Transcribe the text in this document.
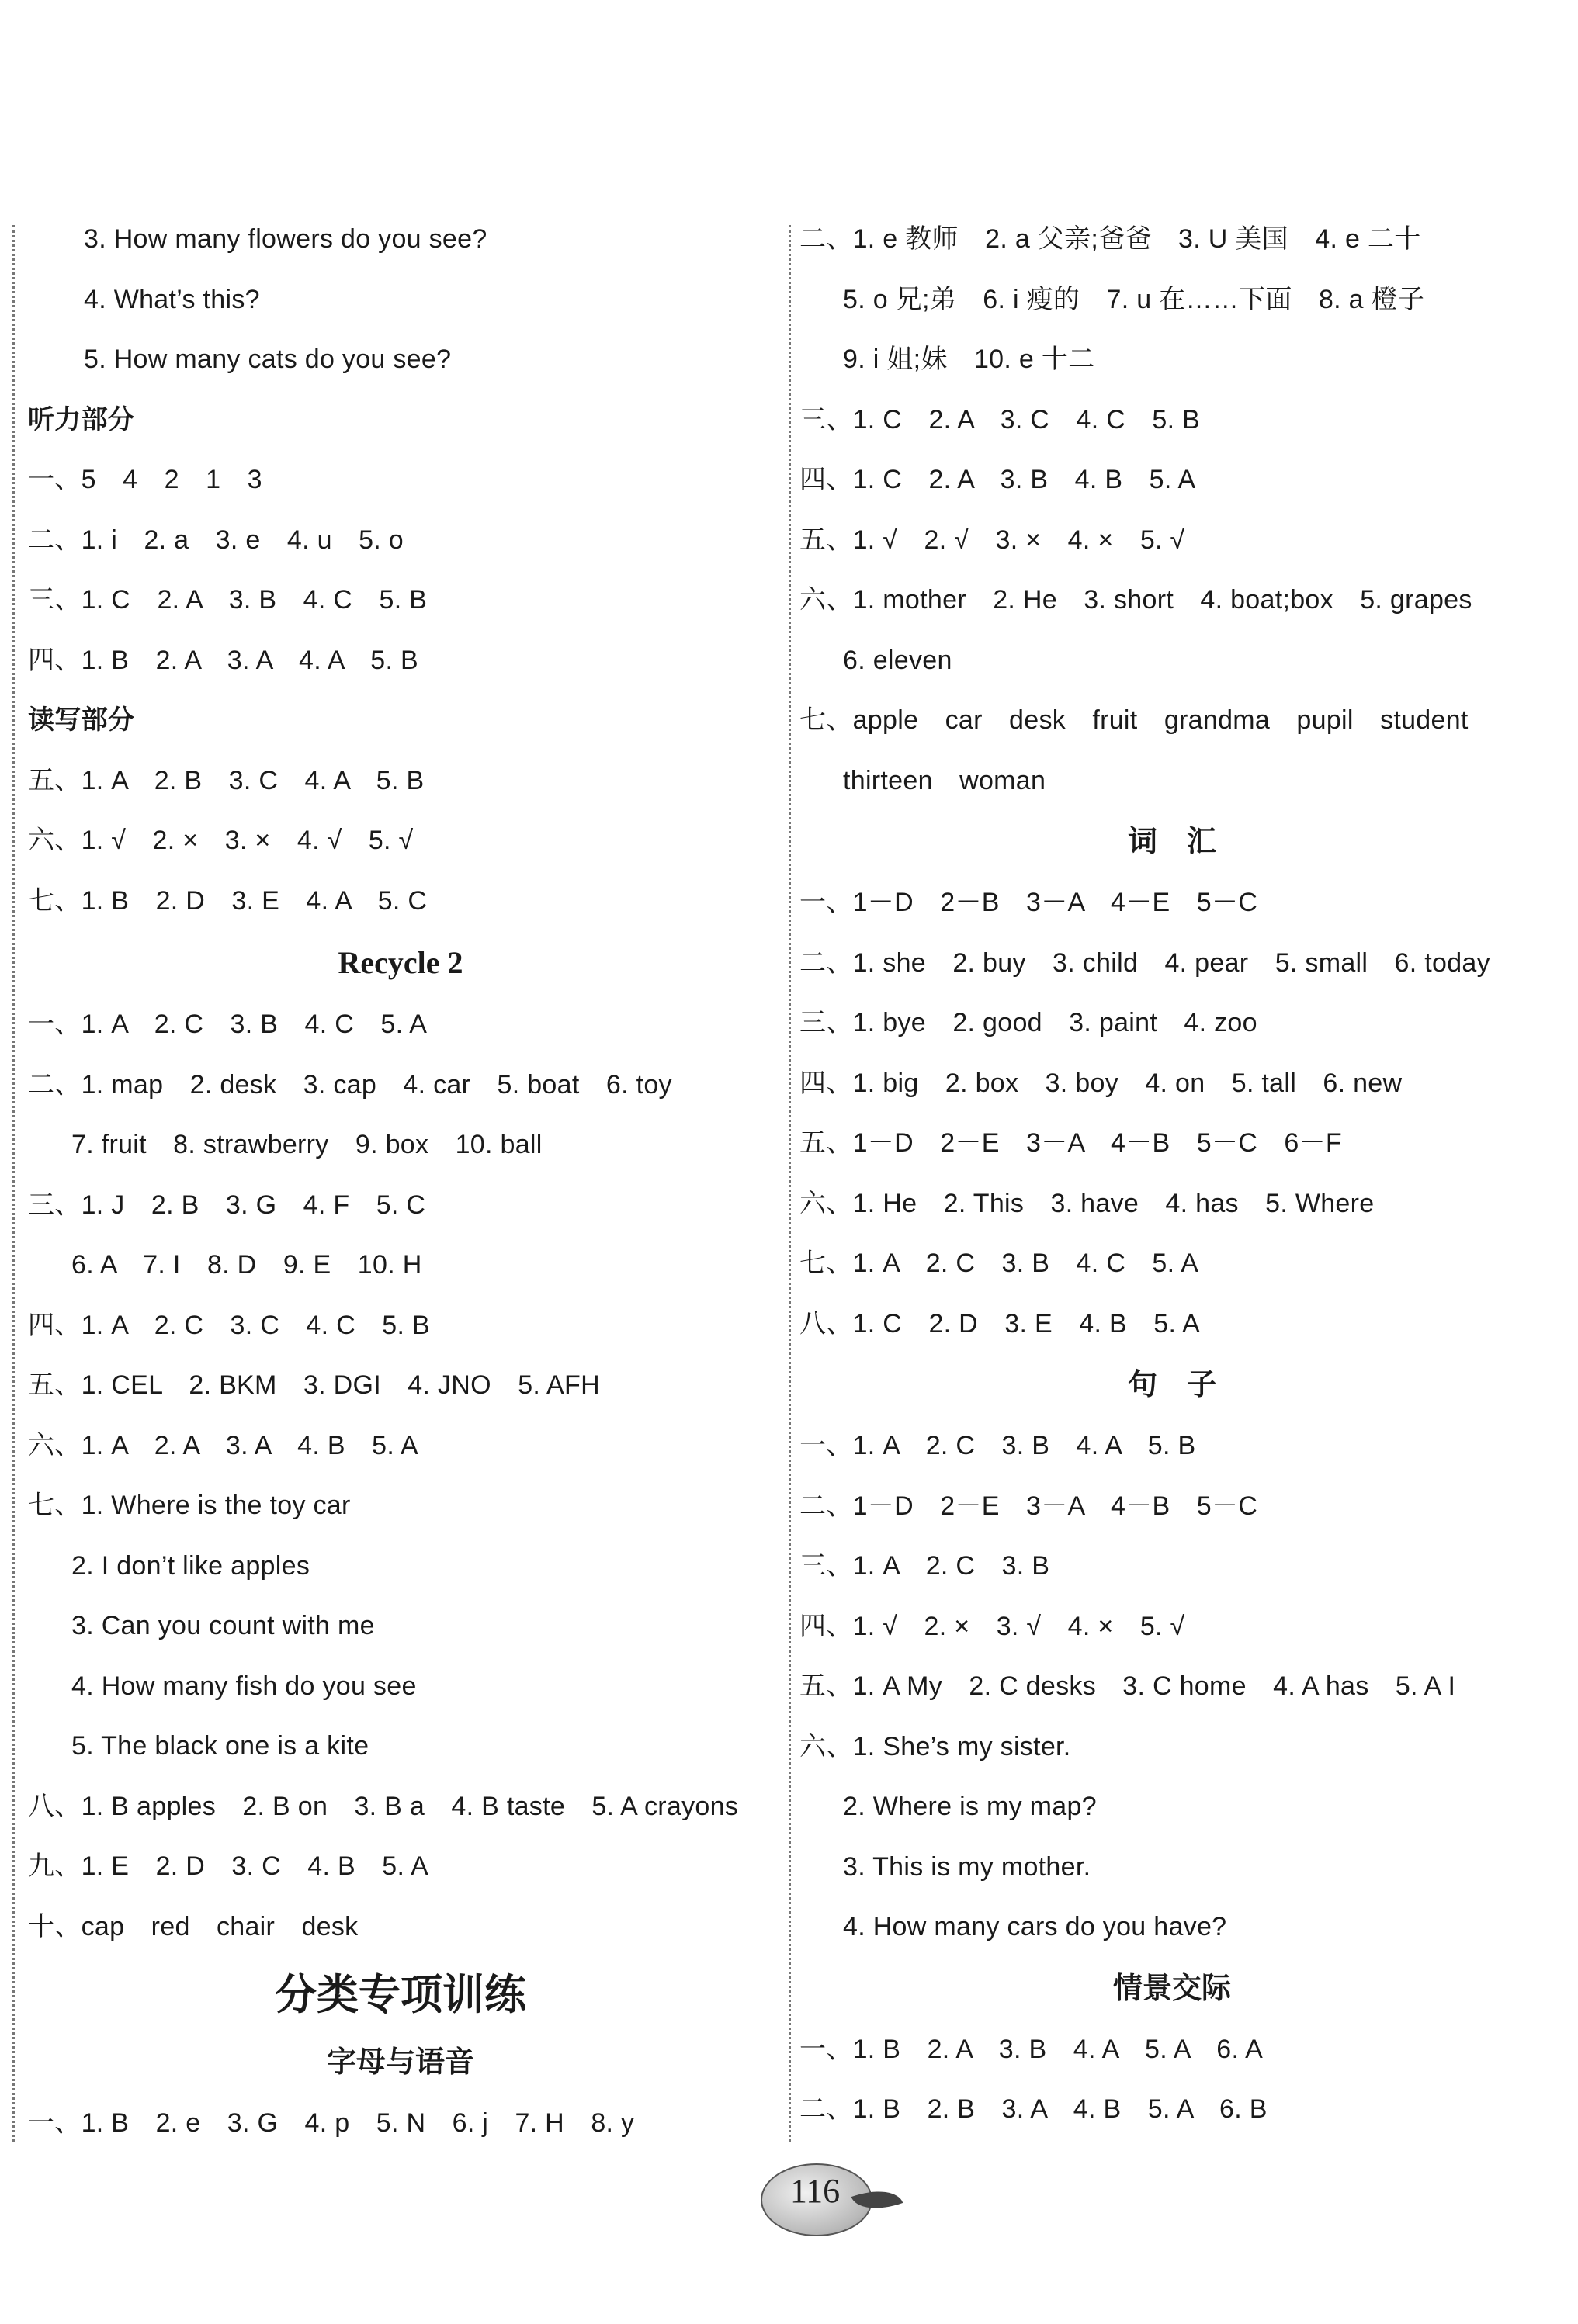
3. How many flowers do you see?
4. What’s this?
5. How many cats do you see?
听力部分
一、5　4　2　1　3
二、1. i　2. a　3. e　4. u　5. o
三、1. C　2. A　3. B　4. C　5. B
四、1. B　2. A　3. A　4. A　5. B
读写部分
五、1. A　2. B　3. C　4. A　5. B
六、1. √　2. ×　3. ×　4. √　5. √
七、1. B　2. D　3. E　4. A　5. C
Recycle 2
一、1. A　2. C　3. B　4. C　5. A
二、1. map　2. desk　3. cap　4. car　5. boat　6. toy
7. fruit　8. strawberry　9. box　10. ball
三、1. J　2. B　3. G　4. F　5. C
6. A　7. I　8. D　9. E　10. H
四、1. A　2. C　3. C　4. C　5. B
五、1. CEL　2. BKM　3. DGI　4. JNO　5. AFH
六、1. A　2. A　3. A　4. B　5. A
七、1. Where is the toy car
2. I don’t like apples
3. Can you count with me
4. How many fish do you see
5. The black one is a kite
八、1. B apples　2. B on　3. B a　4. B taste　5. A crayons
九、1. E　2. D　3. C　4. B　5. A
十、cap　red　chair　desk
分类专项训练
字母与语音
一、1. B　2. e　3. G　4. p　5. N　6. j　7. H　8. y
二、1. e 教师　2. a 父亲;爸爸　3. U 美国　4. e 二十
5. o 兄;弟　6. i 瘦的　7. u 在……下面　8. a 橙子
9. i 姐;妹　10. e 十二
三、1. C　2. A　3. C　4. C　5. B
四、1. C　2. A　3. B　4. B　5. A
五、1. √　2. √　3. ×　4. ×　5. √
六、1. mother　2. He　3. short　4. boat;box　5. grapes
6. eleven
七、apple　car　desk　fruit　grandma　pupil　student
thirteen　woman
词　汇
一、1－D　2－B　3－A　4－E　5－C
二、1. she　2. buy　3. child　4. pear　5. small　6. today
三、1. bye　2. good　3. paint　4. zoo
四、1. big　2. box　3. boy　4. on　5. tall　6. new
五、1－D　2－E　3－A　4－B　5－C　6－F
六、1. He　2. This　3. have　4. has　5. Where
七、1. A　2. C　3. B　4. C　5. A
八、1. C　2. D　3. E　4. B　5. A
句　子
一、1. A　2. C　3. B　4. A　5. B
二、1－D　2－E　3－A　4－B　5－C
三、1. A　2. C　3. B
四、1. √　2. ×　3. √　4. ×　5. √
五、1. A My　2. C desks　3. C home　4. A has　5. A I
六、1. She’s my sister.
2. Where is my map?
3. This is my mother.
4. How many cars do you have?
情景交际
一、1. B　2. A　3. B　4. A　5. A　6. A
二、1. B　2. B　3. A　4. B　5. A　6. B
116
